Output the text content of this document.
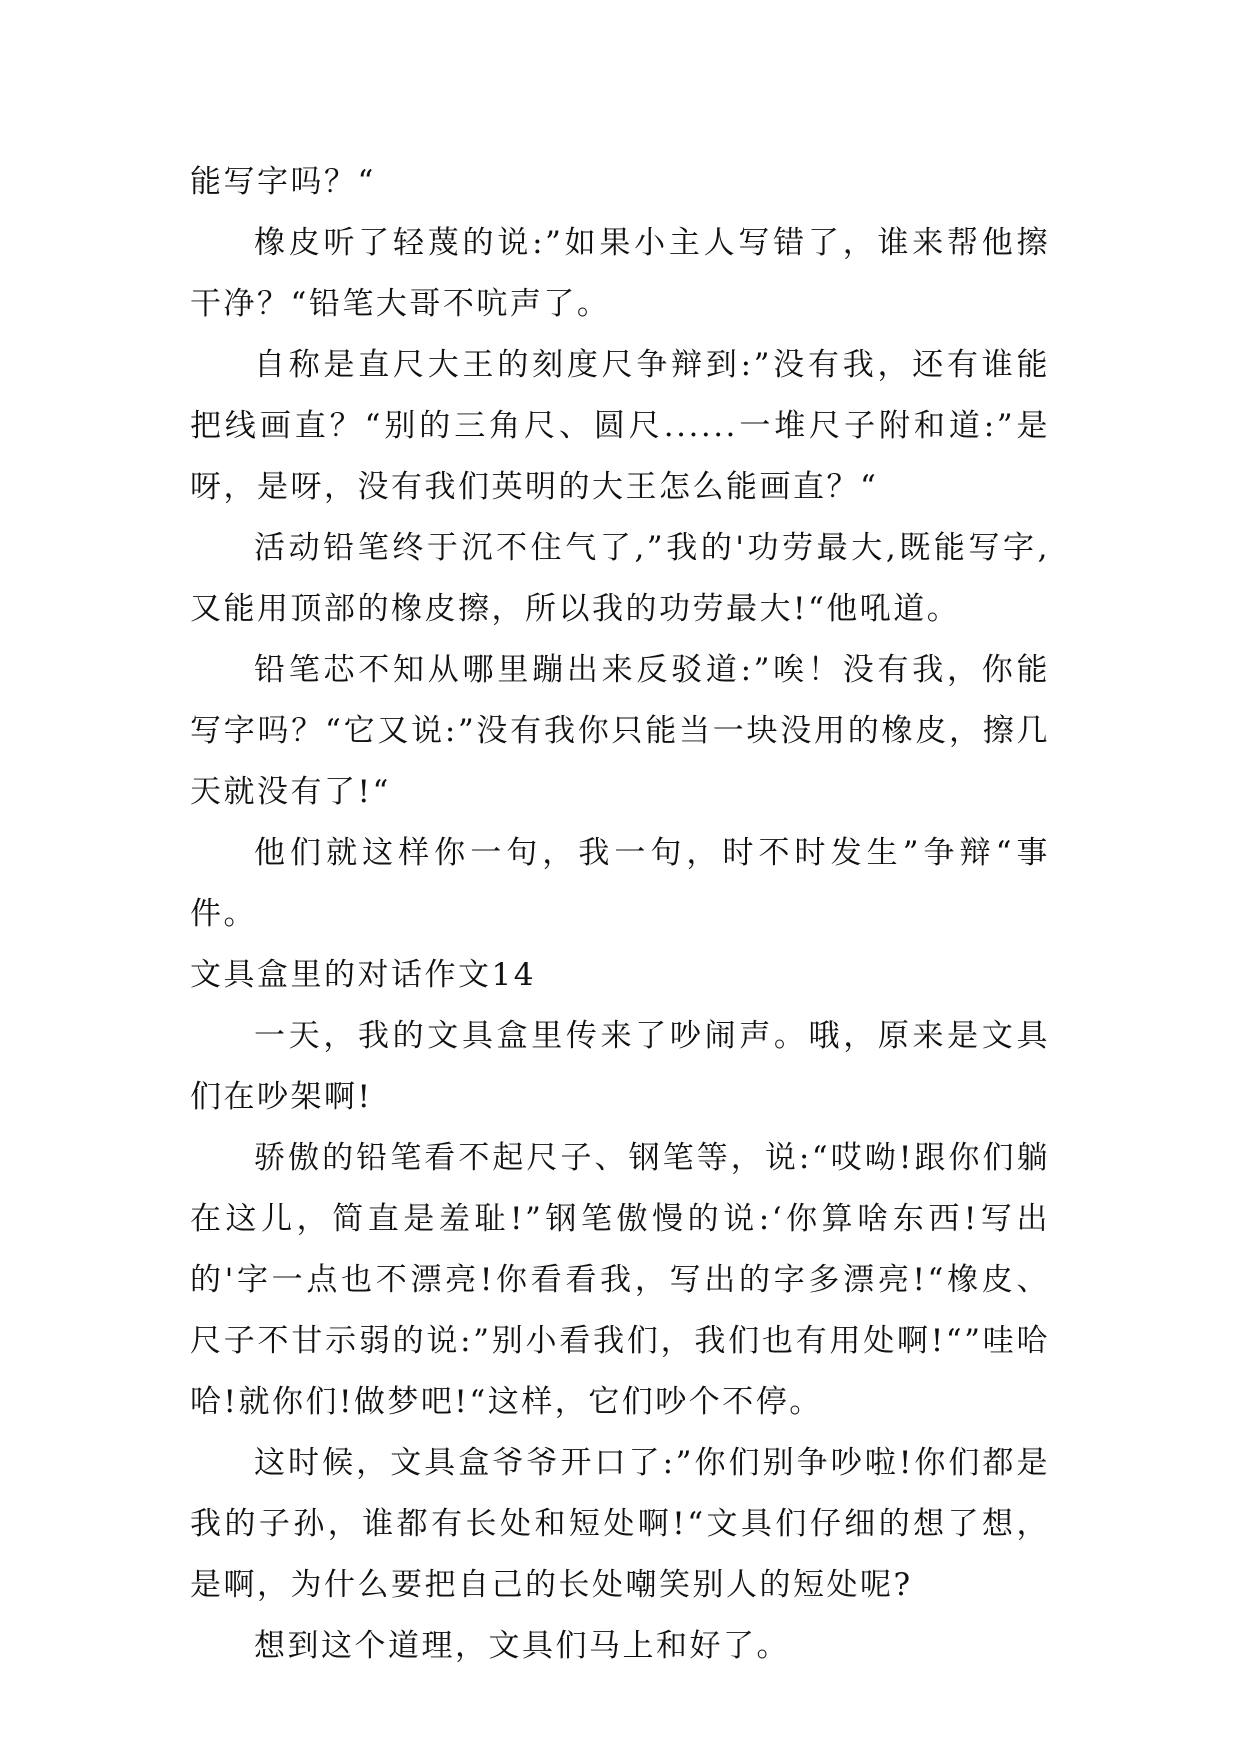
能写字吗？“

橡皮听了轻蔑的说:”如果小主人写错了，谁来帮他擦干净？“铅笔大哥不吭声了。

自称是直尺大王的刻度尺争辩到:”没有我，还有谁能把线画直？“别的三角尺、圆尺......一堆尺子附和道:”是呀，是呀，没有我们英明的大王怎么能画直？“

活动铅笔终于沉不住气了,”我的'功劳最大,既能写字,又能用顶部的橡皮擦，所以我的功劳最大!“他吼道。

铅笔芯不知从哪里蹦出来反驳道:”唉！没有我，你能写字吗？“它又说:”没有我你只能当一块没用的橡皮，擦几天就没有了!“

他们就这样你一句，我一句，时不时发生”争辩“事件。

文具盒里的对话作文14

一天，我的文具盒里传来了吵闹声。哦，原来是文具们在吵架啊!

骄傲的铅笔看不起尺子、钢笔等，说:“哎呦!跟你们躺在这儿，简直是羞耻!”钢笔傲慢的说:‘你算啥东西!写出的'字一点也不漂亮!你看看我，写出的字多漂亮!“橡皮、尺子不甘示弱的说:”别小看我们，我们也有用处啊!“”哇哈哈!就你们!做梦吧!“这样，它们吵个不停。

这时候，文具盒爷爷开口了:”你们别争吵啦!你们都是我的子孙，谁都有长处和短处啊!“文具们仔细的想了想，是啊，为什么要把自己的长处嘲笑别人的短处呢?

想到这个道理，文具们马上和好了。
